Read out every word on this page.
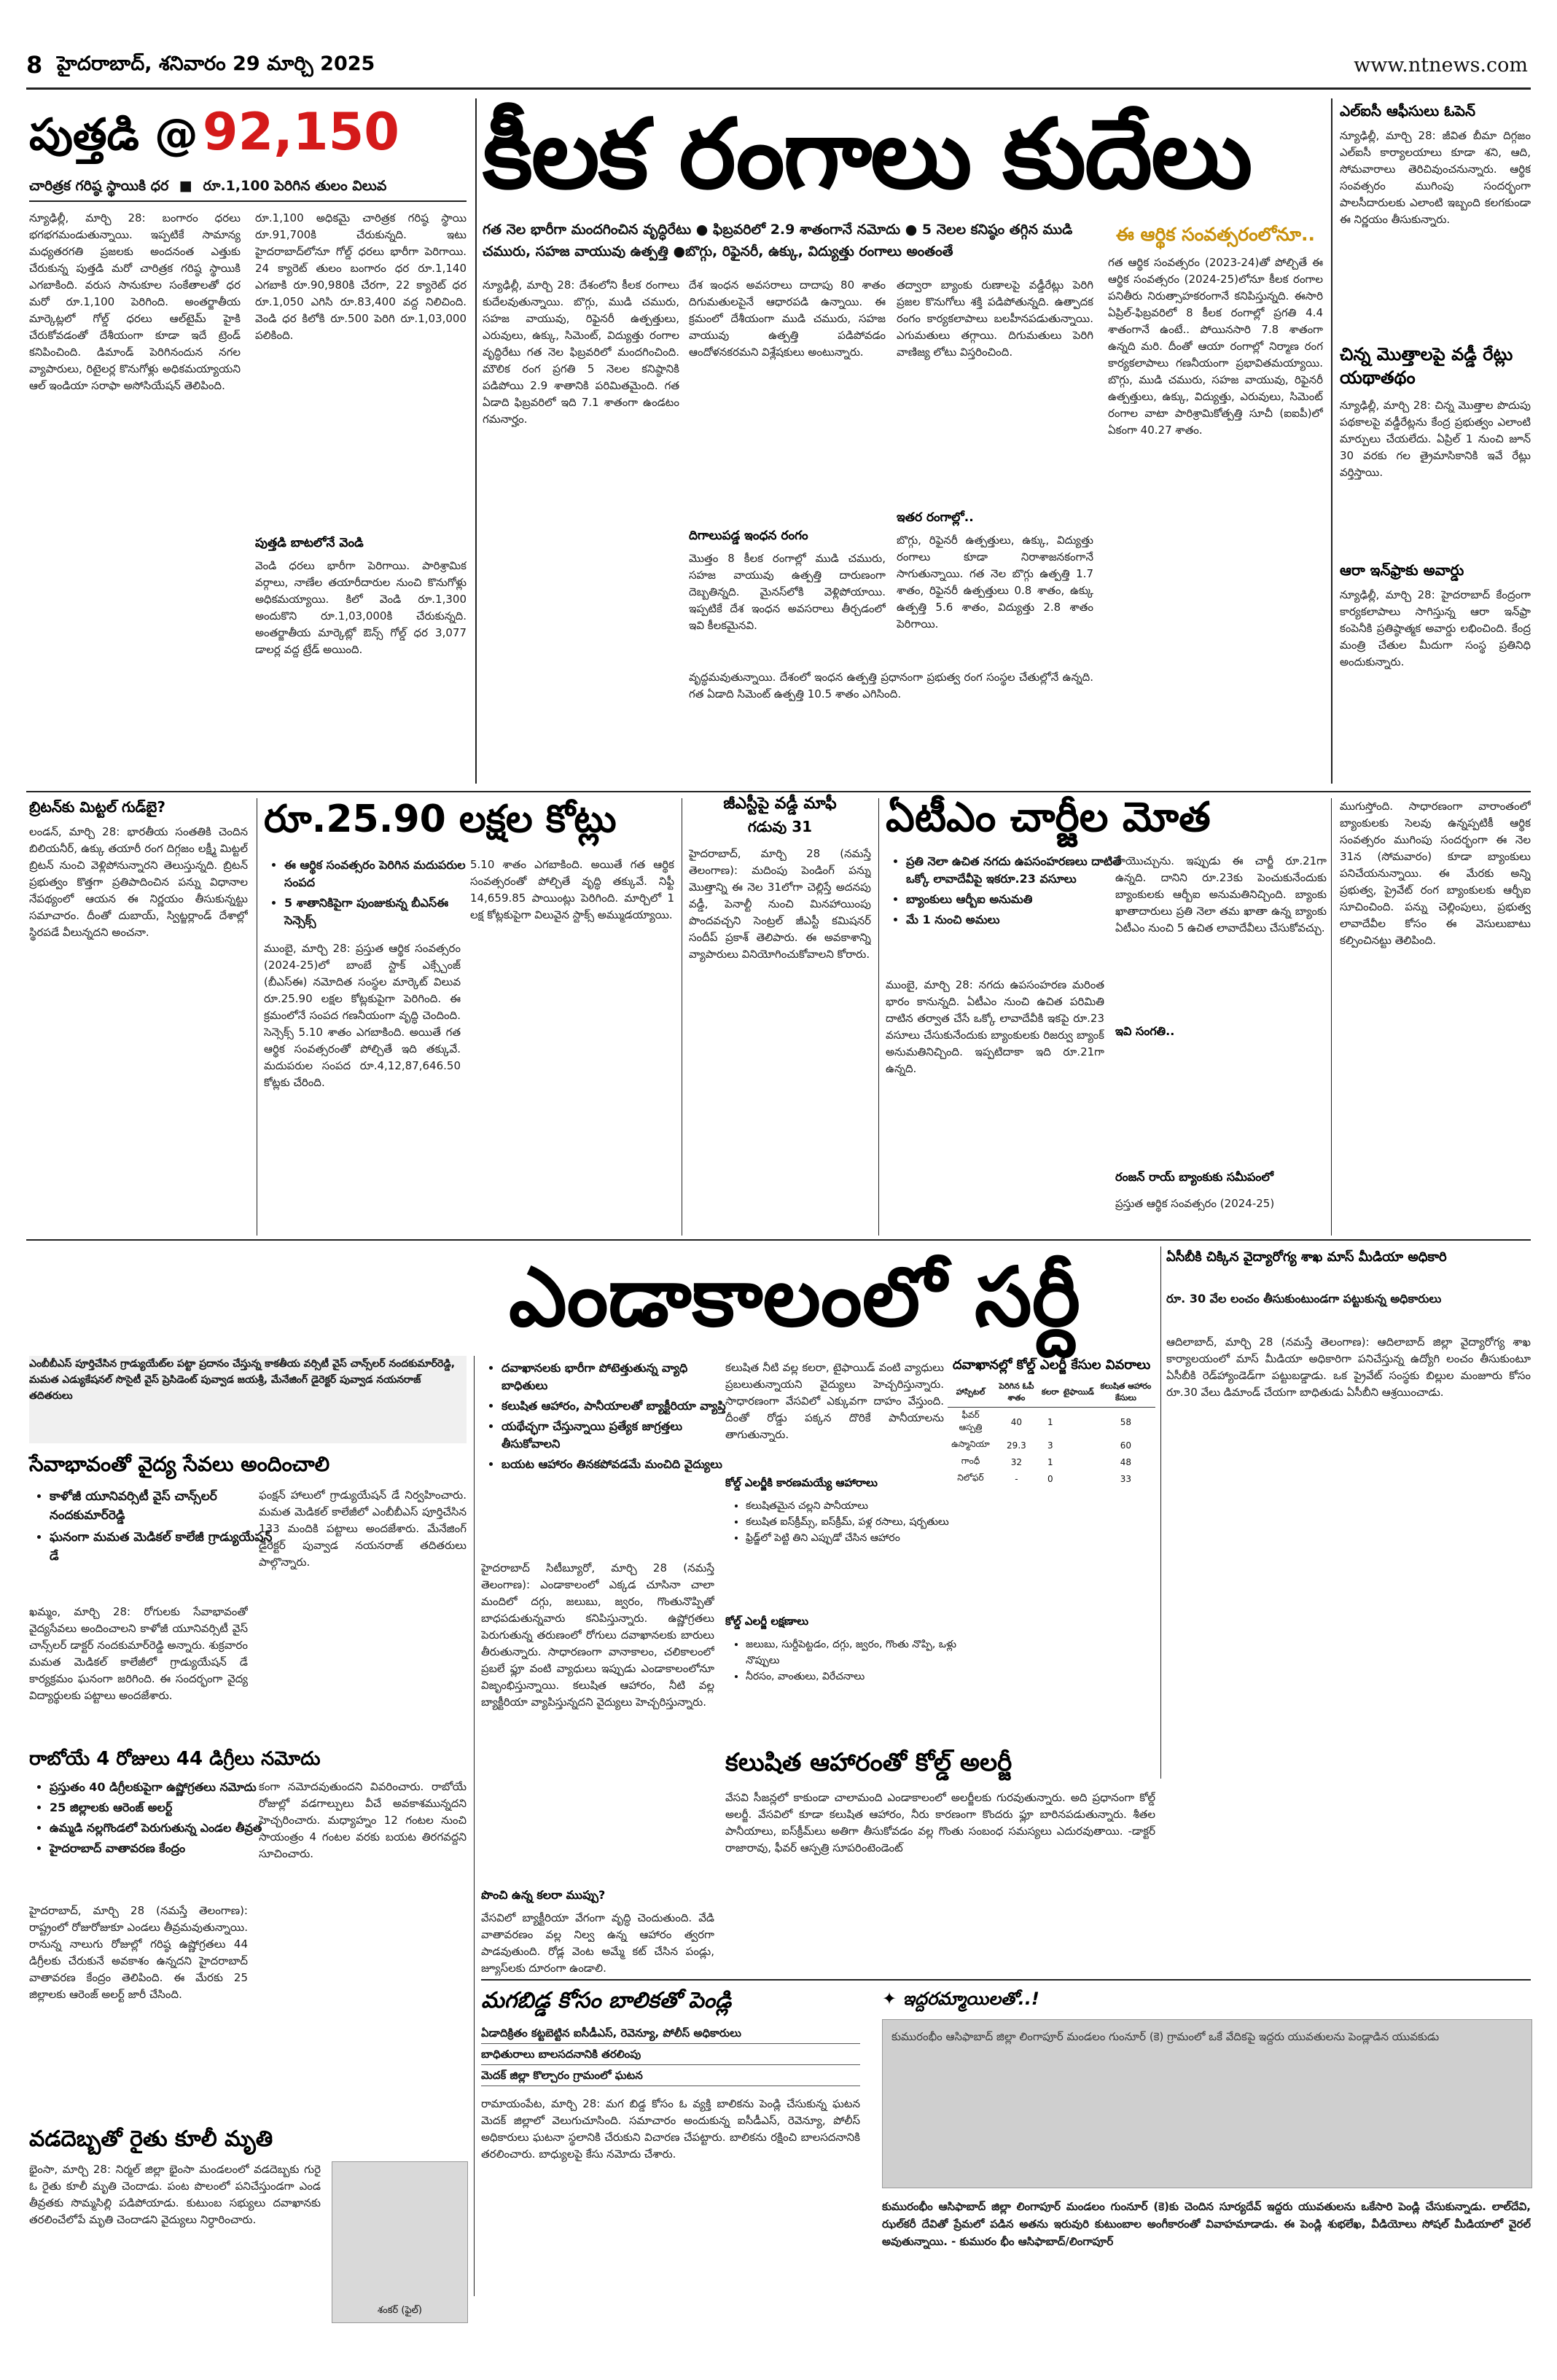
8 హైదరాబాద్, శనివారం 29 మార్చి 2025	www.ntnews.com
పుత్తడి @92,150
చారిత్రక గరిష్ఠ స్థాయికి ధర ■ రూ.1,100 పెరిగిన తులం విలువ
న్యూఢిల్లీ, మార్చి 28: బంగారం ధరలు భగభగమండుతున్నాయి. ఇప్పటికే సామాన్య మధ్యతరగతి ప్రజలకు అందనంత ఎత్తుకు చేరుకున్న పుత్తడి మరో చారిత్రక గరిష్ఠ స్థాయికి ఎగబాకింది. వరుస సానుకూల సంకేతాలతో ధర మరో రూ.1,100 పెరిగింది. అంతర్జాతీయ మార్కెట్లలో గోల్డ్ ధరలు ఆల్‌టైమ్ హైకి చేరుకోవడంతో దేశీయంగా కూడా ఇదే ట్రెండ్ కనిపించింది. డిమాండ్ పెరిగినందున నగల వ్యాపారులు, రిటైలర్ల కొనుగోళ్లు అధికమయ్యాయని ఆల్ ఇండియా సరాఫా అసోసియేషన్ తెలిపింది.
రూ.1,100 అధికమై చారిత్రక గరిష్ఠ స్థాయి రూ.91,700కి చేరుకున్నది. ఇటు హైదరాబాద్‌లోనూ గోల్డ్ ధరలు భారీగా పెరిగాయి. 24 క్యారెట్ తులం బంగారం ధర రూ.1,140 ఎగబాకి రూ.90,980కి చేరగా, 22 క్యారెట్ ధర రూ.1,050 ఎగిసి రూ.83,400 వద్ద నిలిచింది. వెండి ధర కిలోకి రూ.500 పెరిగి రూ.1,03,000 పలికింది.
పుత్తడి బాటలోనే వెండి
వెండి ధరలు భారీగా పెరిగాయి. పారిశ్రామిక వర్గాలు, నాణేల తయారీదారుల నుంచి కొనుగోళ్లు అధికమయ్యాయి. కిలో వెండి రూ.1,300 అందుకొని రూ.1,03,000కి చేరుకున్నది. అంతర్జాతీయ మార్కెట్లో ఔన్స్ గోల్డ్ ధర 3,077 డాలర్ల వద్ద ట్రేడ్ అయింది.
కీలక రంగాలు కుదేలు
గత నెల భారీగా మందగించిన వృద్ధిరేటు ● ఫిబ్రవరిలో 2.9 శాతంగానే నమోదు ● 5 నెలల కనిష్ఠం తగ్గిన ముడి చమురు, సహజ వాయువు ఉత్పత్తి ●బొగ్గు, రిఫైనరీ, ఉక్కు, విద్యుత్తు రంగాలు అంతంతే
న్యూఢిల్లీ, మార్చి 28: దేశంలోని కీలక రంగాలు కుదేలవుతున్నాయి. బొగ్గు, ముడి చమురు, సహజ వాయువు, రిఫైనరీ ఉత్పత్తులు, ఎరువులు, ఉక్కు, సిమెంట్, విద్యుత్తు రంగాల వృద్ధిరేటు గత నెల ఫిబ్రవరిలో మందగించింది. మౌలిక రంగ ప్రగతి 5 నెలల కనిష్ఠానికి పడిపోయి 2.9 శాతానికి పరిమితమైంది. గత ఏడాది ఫిబ్రవరిలో ఇది 7.1 శాతంగా ఉండటం గమనార్హం.
దేశ ఇంధన అవసరాలు దాదాపు 80 శాతం దిగుమతులపైనే ఆధారపడి ఉన్నాయి. ఈ క్రమంలో దేశీయంగా ముడి చమురు, సహజ వాయువు ఉత్పత్తి పడిపోవడం ఆందోళనకరమని విశ్లేషకులు అంటున్నారు.
దిగాలుపడ్డ ఇంధన రంగం
మొత్తం 8 కీలక రంగాల్లో ముడి చమురు, సహజ వాయువు ఉత్పత్తి దారుణంగా దెబ్బతిన్నది. మైనస్‌లోకి వెళ్లిపోయాయి. ఇప్పటికే దేశ ఇంధన అవసరాలు తీర్చడంలో ఇవి కీలకమైనవి.
తద్వారా బ్యాంకు రుణాలపై వడ్డీరేట్లు పెరిగి ప్రజల కొనుగోలు శక్తి పడిపోతున్నది. ఉత్పాదక రంగం కార్యకలాపాలు బలహీనపడుతున్నాయి. ఎగుమతులు తగ్గాయి. దిగుమతులు పెరిగి వాణిజ్య లోటు విస్తరించింది.
ఇతర రంగాల్లో..
బొగ్గు, రిఫైనరీ ఉత్పత్తులు, ఉక్కు, విద్యుత్తు రంగాలు కూడా నిరాశాజనకంగానే సాగుతున్నాయి. గత నెల బొగ్గు ఉత్పత్తి 1.7 శాతం, రిఫైనరీ ఉత్పత్తులు 0.8 శాతం, ఉక్కు ఉత్పత్తి 5.6 శాతం, విద్యుత్తు 2.8 శాతం పెరిగాయి.
వృద్ధమవుతున్నాయి. దేశంలో ఇంధన ఉత్పత్తి ప్రధానంగా ప్రభుత్వ రంగ సంస్థల చేతుల్లోనే ఉన్నది. గత ఏడాది సిమెంట్ ఉత్పత్తి 10.5 శాతం ఎగిసింది.
ఈ ఆర్థిక సంవత్సరంలోనూ..
గత ఆర్థిక సంవత్సరం (2023-24)తో పోల్చితే ఈ ఆర్థిక సంవత్సరం (2024-25)లోనూ కీలక రంగాల పనితీరు నిరుత్సాహకరంగానే కనిపిస్తున్నది. ఈసారి ఏప్రిల్-ఫిబ్రవరిలో 8 కీలక రంగాల్లో ప్రగతి 4.4 శాతంగానే ఉంటే.. పోయినసారి 7.8 శాతంగా ఉన్నది మరి. దీంతో ఆయా రంగాల్లో నిర్మాణ రంగ కార్యకలాపాలు గణనీయంగా ప్రభావితమయ్యాయి. బొగ్గు, ముడి చమురు, సహజ వాయువు, రిఫైనరీ ఉత్పత్తులు, ఉక్కు, విద్యుత్తు, ఎరువులు, సిమెంట్ రంగాల వాటా పారిశ్రామికోత్పత్తి సూచీ (ఐఐపీ)లో ఏకంగా 40.27 శాతం.
ఎల్ఐసీ ఆఫీసులు ఓపెన్
న్యూఢిల్లీ, మార్చి 28: జీవిత బీమా దిగ్గజం ఎల్ఐసీ కార్యాలయాలు కూడా శని, ఆది, సోమవారాలు తెరిచివుంచనున్నారు. ఆర్థిక సంవత్సరం ముగింపు సందర్భంగా పాలసీదారులకు ఎలాంటి ఇబ్బంది కలగకుండా ఈ నిర్ణయం తీసుకున్నారు.
చిన్న మొత్తాలపై వడ్డీ రేట్లు యథాతథం
న్యూఢిల్లీ, మార్చి 28: చిన్న మొత్తాల పొదుపు పథకాలపై వడ్డీరేట్లను కేంద్ర ప్రభుత్వం ఎలాంటి మార్పులు చేయలేదు. ఏప్రిల్ 1 నుంచి జూన్ 30 వరకు గల త్రైమాసికానికి ఇవే రేట్లు వర్తిస్తాయి.
ఆరా ఇన్‌ఫ్రాకు అవార్డు
న్యూఢిల్లీ, మార్చి 28: హైదరాబాద్ కేంద్రంగా కార్యకలాపాలు సాగిస్తున్న ఆరా ఇన్‌ఫ్రా కంపెనీకి ప్రతిష్ఠాత్మక అవార్డు లభించింది. కేంద్ర మంత్రి చేతుల మీదుగా సంస్థ ప్రతినిధి అందుకున్నారు.
బ్రిటన్‌కు మిట్టల్ గుడ్‌బై?
లండన్, మార్చి 28: భారతీయ సంతతికి చెందిన బిలియనీర్, ఉక్కు తయారీ రంగ దిగ్గజం లక్ష్మీ మిట్టల్ బ్రిటన్ నుంచి వెళ్లిపోనున్నారని తెలుస్తున్నది. బ్రిటన్ ప్రభుత్వం కొత్తగా ప్రతిపాదించిన పన్ను విధానాల నేపథ్యంలో ఆయన ఈ నిర్ణయం తీసుకున్నట్టు సమాచారం. దీంతో దుబాయ్, స్విట్జర్లాండ్ దేశాల్లో స్థిరపడే వీలున్నదని అంచనా.
రూ.25.90 లక్షల కోట్లు
• ఈ ఆర్థిక సంవత్సరం పెరిగిన మదుపరుల సంపద
• 5 శాతానికిపైగా పుంజుకున్న బీఎస్ఈ సెన్సెక్స్
ముంబై, మార్చి 28: ప్రస్తుత ఆర్థిక సంవత్సరం (2024-25)లో బాంబే స్టాక్ ఎక్స్చేంజ్ (బీఎస్ఈ) నమోదిత సంస్థల మార్కెట్ విలువ రూ.25.90 లక్షల కోట్లకుపైగా పెరిగింది. ఈ క్రమంలోనే సంపద గణనీయంగా వృద్ధి చెందింది. సెన్సెక్స్ 5.10 శాతం ఎగబాకింది. అయితే గత ఆర్థిక సంవత్సరంతో పోల్చితే ఇది తక్కువే. మదుపరుల సంపద రూ.4,12,87,646.50 కోట్లకు చేరింది.
5.10 శాతం ఎగబాకింది. అయితే గత ఆర్థిక సంవత్సరంతో పోల్చితే వృద్ధి తక్కువే. నిఫ్టీ 14,659.85 పాయింట్లు పెరిగింది. మార్చిలో 1 లక్ష కోట్లకుపైగా విలువైన స్టాక్స్ అమ్ముడయ్యాయి.
జీఎస్టీపై వడ్డీ మాఫీ
గడువు 31
హైదరాబాద్, మార్చి 28 (నమస్తే తెలంగాణ): మదింపు పెండింగ్ పన్ను మొత్తాన్ని ఈ నెల 31లోగా చెల్లిస్తే అదనపు వడ్డీ, పెనాల్టీ నుంచి మినహాయింపు పొందవచ్చని సెంట్రల్ జీఎస్టీ కమిషనర్ సందీప్ ప్రకాశ్ తెలిపారు. ఈ అవకాశాన్ని వ్యాపారులు వినియోగించుకోవాలని కోరారు.
ఏటీఎం చార్జీల మోత
• ప్రతి నెలా ఉచిత నగదు ఉపసంహరణలు దాటితే ఒక్కో లావాదేవీపై ఇకరూ.23 వసూలు
• బ్యాంకులు ఆర్బీఐ అనుమతి
• మే 1 నుంచి అమలు
ముంబై, మార్చి 28: నగదు ఉపసంహరణ మరింత భారం కానున్నది. ఏటీఎం నుంచి ఉచిత పరిమితి దాటిన తర్వాత చేసే ఒక్కో లావాదేవీకి ఇకపై రూ.23 వసూలు చేసుకునేందుకు బ్యాంకులకు రిజర్వు బ్యాంక్ అనుమతినిచ్చింది. ఇప్పటిదాకా ఇది రూ.21గా ఉన్నది.
రాయొచ్చును. ఇప్పుడు ఈ చార్జీ రూ.21గా ఉన్నది. దానిని రూ.23కు పెంచుకునేందుకు బ్యాంకులకు ఆర్బీఐ అనుమతినిచ్చింది. బ్యాంకు ఖాతాదారులు ప్రతి నెలా తమ ఖాతా ఉన్న బ్యాంకు ఏటీఎం నుంచి 5 ఉచిత లావాదేవీలు చేసుకోవచ్చు.
ఇవి సంగతి..
రంజన్ రాయ్ బ్యాంకుకు సమీపంలో
ప్రస్తుత ఆర్థిక సంవత్సరం (2024-25)
ముగుస్తోంది. సాధారణంగా వారాంతంలో బ్యాంకులకు సెలవు ఉన్నప్పటికీ ఆర్థిక సంవత్సరం ముగింపు సందర్భంగా ఈ నెల 31న (సోమవారం) కూడా బ్యాంకులు పనిచేయనున్నాయి. ఈ మేరకు అన్ని ప్రభుత్వ, ప్రైవేట్ రంగ బ్యాంకులకు ఆర్బీఐ సూచించింది. పన్ను చెల్లింపులు, ప్రభుత్వ లావాదేవీల కోసం ఈ వెసులుబాటు కల్పించినట్టు తెలిపింది.
ఎండాకాలంలో సర్దీ	ఏసీబీకి చిక్కిన వైద్యారోగ్య శాఖ మాస్ మీడియా అధికారి
రూ. 30 వేల లంచం తీసుకుంటుండగా పట్టుకున్న అధికారులు
ఆదిలాబాద్, మార్చి 28 (నమస్తే తెలంగాణ): ఆదిలాబాద్ జిల్లా వైద్యారోగ్య శాఖ కార్యాలయంలో మాస్ మీడియా అధికారిగా పనిచేస్తున్న ఉద్యోగి లంచం తీసుకుంటూ ఏసీబీకి రెడ్‌హ్యాండెడ్‌గా పట్టుబడ్డాడు. ఒక ప్రైవేట్ సంస్థకు బిల్లుల మంజూరు కోసం రూ.30 వేలు డిమాండ్ చేయగా బాధితుడు ఏసీబీని ఆశ్రయించాడు.
ఎంబీబీఎస్ పూర్తిచేసిన గ్రాడ్యుయేట్‌ల పట్టా ప్రదానం చేస్తున్న కాకతీయ వర్సిటీ వైస్ చాన్స్‌లర్ నందకుమార్‌రెడ్డి, మమత ఎడ్యుకేషనల్ సొసైటీ వైస్ ప్రెసిడెంట్ పువ్వాడ జయశ్రీ, మేనేజింగ్ డైరెక్టర్ పువ్వాడ నయనరాజ్ తదితరులు
సేవాభావంతో వైద్య సేవలు అందించాలి
• కాళోజీ యూనివర్సిటీ వైస్ చాన్స్‌లర్ నందకుమార్‌రెడ్డి
• ఘనంగా మమత మెడికల్ కాలేజీ గ్రాడ్యుయేషన్ డే
ఖమ్మం, మార్చి 28: రోగులకు సేవాభావంతో వైద్యసేవలు అందించాలని కాళోజీ యూనివర్సిటీ వైస్ చాన్స్‌లర్ డాక్టర్ నందకుమార్‌రెడ్డి అన్నారు. శుక్రవారం మమత మెడికల్ కాలేజీలో గ్రాడ్యుయేషన్ డే కార్యక్రమం ఘనంగా జరిగింది. ఈ సందర్భంగా వైద్య విద్యార్థులకు పట్టాలు అందజేశారు.
ఫంక్షన్ హాలులో గ్రాడ్యుయేషన్ డే నిర్వహించారు. మమత మెడికల్ కాలేజీలో ఎంబీబీఎస్ పూర్తిచేసిన 133 మందికి పట్టాలు అందజేశారు. మేనేజింగ్ డైరెక్టర్ పువ్వాడ నయనరాజ్ తదితరులు పాల్గొన్నారు.
• దవాఖానలకు భారీగా పోటెత్తుతున్న వ్యాధి బాధితులు
• కలుషిత ఆహారం, పానీయాలతో బ్యాక్టీరియా వ్యాప్తి
• యథేచ్ఛగా చేస్తున్నాయి ప్రత్యేక జాగ్రత్తలు తీసుకోవాలని
• బయట ఆహారం తినకపోవడమే మంచిది వైద్యులు
హైదరాబాద్ సిటీబ్యూరో, మార్చి 28 (నమస్తే తెలంగాణ): ఎండాకాలంలో ఎక్కడ చూసినా చాలా మందిలో దగ్గు, జలుబు, జ్వరం, గొంతునొప్పితో బాధపడుతున్నవారు కనిపిస్తున్నారు. ఉష్ణోగ్రతలు పెరుగుతున్న తరుణంలో రోగులు దవాఖానలకు బారులు తీరుతున్నారు. సాధారణంగా వానాకాలం, చలికాలంలో ప్రబలే ఫ్లూ వంటి వ్యాధులు ఇప్పుడు ఎండాకాలంలోనూ విజృంభిస్తున్నాయి. కలుషిత ఆహారం, నీటి వల్ల బ్యాక్టీరియా వ్యాపిస్తున్నదని వైద్యులు హెచ్చరిస్తున్నారు.
పొంచి ఉన్న కలరా ముప్పు?
వేసవిలో బ్యాక్టీరియా వేగంగా వృద్ధి చెందుతుంది. వేడి వాతావరణం వల్ల నిల్వ ఉన్న ఆహారం త్వరగా పాడవుతుంది. రోడ్ల వెంట అమ్మే కట్ చేసిన పండ్లు, జ్యూస్‌లకు దూరంగా ఉండాలి.
కలుషిత నీటి వల్ల కలరా, టైఫాయిడ్ వంటి వ్యాధులు ప్రబలుతున్నాయని వైద్యులు హెచ్చరిస్తున్నారు. సాధారణంగా వేసవిలో ఎక్కువగా దాహం వేస్తుంది. దీంతో రోడ్డు పక్కన దొరికే పానీయాలను తాగుతున్నారు.
కోల్డ్ ఎలర్జీకి కారణమయ్యే ఆహారాలు
• కలుషితమైన చల్లని పానీయాలు
• కలుషిత ఐస్‌క్రీమ్స్, ఐస్‌క్రీమ్, పళ్ల రసాలు, షర్బతులు
• ఫ్రిడ్జ్‌లో పెట్టి తిని ఎప్పుడో చేసిన ఆహారం
కోల్డ్ ఎలర్జీ లక్షణాలు
• జలుబు, సుర్దీపెట్టడం, దగ్గు, జ్వరం, గొంతు నొప్పి, ఒళ్లు నొప్పులు
• నీరసం, వాంతులు, విరేచనాలు
దవాఖానల్లో కోల్డ్ ఎలర్జీ కేసుల వివరాలు
హాస్పిటల్	పెరిగిన ఓపీ శాతం	కలరా	టైఫాయిడ్	కలుషిత ఆహారం కేసులు
ఫీవర్ ఆస్పత్రి	40	1		58
ఉస్మానియా	29.3	3		60
గాంధీ	32	1		48
నిలోఫర్	-	0		33
కలుషిత ఆహారంతో కోల్డ్ అలర్జీ
వేసవి సీజన్లలో కాకుండా చాలామంది ఎండాకాలంలో అలర్జీలకు గురవుతున్నారు. అది ప్రధానంగా కోల్డ్ అలర్జీ. వేసవిలో కూడా కలుషిత ఆహారం, నీరు కారణంగా కొందరు ఫ్లూ బారినపడుతున్నారు. శీతల పానీయాలు, ఐస్‌క్రీమ్‌లు అతిగా తీసుకోవడం వల్ల గొంతు సంబంధ సమస్యలు ఎదురవుతాయి. -డాక్టర్ రాజారావు, ఫీవర్ ఆస్పత్రి సూపరింటెండెంట్
రాబోయే 4 రోజులు 44 డిగ్రీలు నమోదు
• ప్రస్తుతం 40 డిగ్రీలకుపైగా ఉష్ణోగ్రతలు నమోదు
• 25 జిల్లాలకు ఆరెంజ్ అలర్ట్
• ఉమ్మడి నల్లగొండలో పెరుగుతున్న ఎండల తీవ్రత
• హైదరాబాద్ వాతావరణ కేంద్రం
హైదరాబాద్, మార్చి 28 (నమస్తే తెలంగాణ): రాష్ట్రంలో రోజురోజుకూ ఎండలు తీవ్రమవుతున్నాయి. రానున్న నాలుగు రోజుల్లో గరిష్ఠ ఉష్ణోగ్రతలు 44 డిగ్రీలకు చేరుకునే అవకాశం ఉన్నదని హైదరాబాద్ వాతావరణ కేంద్రం తెలిపింది. ఈ మేరకు 25 జిల్లాలకు ఆరెంజ్ అలర్ట్ జారీ చేసింది.
కంగా నమోదవుతుందని వివరించారు. రాబోయే రోజుల్లో వడగాల్పులు వీచే అవకాశమున్నదని హెచ్చరించారు. మధ్యాహ్నం 12 గంటల నుంచి సాయంత్రం 4 గంటల వరకు బయట తిరగవద్దని సూచించారు.
వడదెబ్బతో రైతు కూలీ మృతి
భైంసా, మార్చి 28: నిర్మల్ జిల్లా భైంసా మండలంలో వడదెబ్బకు గురై ఓ రైతు కూలీ మృతి చెందాడు. పంట పొలంలో పనిచేస్తుండగా ఎండ తీవ్రతకు సొమ్మసిల్లి పడిపోయాడు. కుటుంబ సభ్యులు దవాఖానకు తరలించేలోపే మృతి చెందాడని వైద్యులు నిర్ధారించారు.
శంకర్ (ఫైల్)
మగబిడ్డ కోసం బాలికతో పెండ్లి
ఏడాదిక్రితం కట్టబెట్టిన ఐసీడీఎస్, రెవెన్యూ, పోలీస్ అధికారులు
బాధితురాలు బాలసదనానికి తరలింపు
మెదక్ జిల్లా కొల్చారం గ్రామంలో ఘటన
రామాయంపేట, మార్చి 28: మగ బిడ్డ కోసం ఓ వ్యక్తి బాలికను పెండ్లి చేసుకున్న ఘటన మెదక్ జిల్లాలో వెలుగుచూసింది. సమాచారం అందుకున్న ఐసీడీఎస్, రెవెన్యూ, పోలీస్ అధికారులు ఘటనా స్థలానికి చేరుకుని విచారణ చేపట్టారు. బాలికను రక్షించి బాలసదనానికి తరలించారు. బాధ్యులపై కేసు నమోదు చేశారు.
✦ ఇద్దరమ్మాయిలతో..!
కుమురంభీం ఆసిఫాబాద్ జిల్లా లింగాపూర్ మండలం గుంనూర్ (కె) గ్రామంలో ఒకే వేదికపై ఇద్దరు యువతులను పెండ్లాడిన యువకుడు
కుమురంభీం ఆసిఫాబాద్ జిల్లా లింగాపూర్ మండలం గుంనూర్ (కె)కు చెందిన సూర్యదేవ్ ఇద్దరు యువతులను ఒకేసారి పెండ్లి చేసుకున్నాడు. లాల్‌దేవి, ఝల్‌కరీ దేవితో ప్రేమలో పడిన అతను ఇరువురి కుటుంబాల అంగీకారంతో వివాహమాడాడు. ఈ పెండ్లి శుభలేఖ, వీడియోలు సోషల్ మీడియాలో వైరల్ అవుతున్నాయి. - కుమురం భీం ఆసిఫాబాద్/లింగాపూర్
